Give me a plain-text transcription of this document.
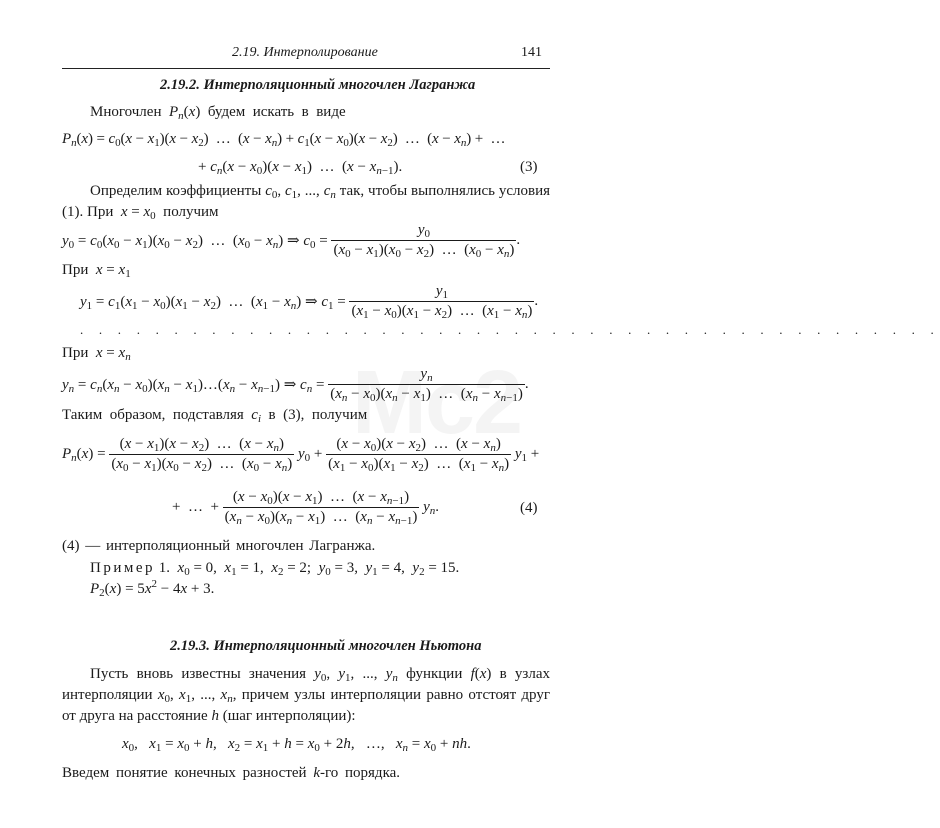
2.19. Интерполирование	141
2.19.2. Интерполяционный многочлен Лагранжа
Многочлен  $P_n(x)$  будем  искать  в  виде
$P_n(x) = c_0(x - x_1)(x - x_2)$  …  $(x - x_n) + c_1(x - x_0)(x - x_2)$  …  $(x - x_n)$ +  …
+ $c_n(x - x_0)(x - x_1)$  …  $(x - x_{n-1})$.	(3)
Определим коэффициенты $c_0$, $c_1$, ..., $c_n$ так, чтобы выполнялись условия (1). При  $x = x_0$  получим
$y_0 = c_0(x_0 - x_1)(x_0 - x_2)$  …  $(x_0 - x_n)$ ⇒ $c_0 = \frac{y_0}{(x_0 - x_1)(x_0 - x_2) \dots (x_0 - x_n)}$ .
При  $x = x_1$
$y_1 = c_1(x_1 - x_0)(x_1 - x_2)$  …  $(x_1 - x_n)$ ⇒ $c_1 = \frac{y_1}{(x_1 - x_0)(x_1 - x_2) \dots (x_1 - x_n)}$ .
. . . . . . . . . . . . . . . . . . . . . . . . . . . . . . . . . . . . . . . . . . . . . .
При  $x = x_n$
$y_n = c_n(x_n - x_0)(x_n$ − $x_1)\dots(x_n - x_{n-1})$ ⇒ $c_n = \frac{y_n}{(x_n - x_0)(x_n - x_1) \dots (x_n - x_{n-1})}$ .
Таким  образом,  подставляя  $c_i$  в  (3),  получим
$P_n(x) = \frac{(x - x_1)(x - x_2) \dots (x - x_n)}{(x_0 - x_1)(x_0 - x_2) \dots (x_0 - x_n)} y_0 + \frac{(x - x_0)(x - x_2) \dots (x - x_n)}{(x_1 - x_0)(x_1 - x_2) \dots (x_1 - x_n)} y_1$ +
+  …  + $\frac{(x - x_0)(x - x_1) \dots (x - x_{n-1})}{(x_n - x_0)(x_n - x_1) \dots (x_n - x_{n-1})} y_n$.	(4)
(4) — интерполяционный многочлен Лагранжа.
Пример 1.  $x_0 = 0$,  $x_1 = 1$,  $x_2 = 2$;  $y_0 = 3$,  $y_1 = 4$,  $y_2 = 15$.
$P_2(x) = 5x^2 - 4x + 3$.
2.19.3. Интерполяционный многочлен Ньютона
Пусть вновь известны значения $y_0$, $y_1$, ..., $y_n$ функции f(x) в узлах интерполяции $x_0$, $x_1$, ..., $x_n$, причем узлы интерполяции равно отстоят друг от друга на расстояние h (шаг интерполяции):
$x_0$,   $x_1 = x_0 + h$,   $x_2 = x_1 + h = x_0 + 2h$,   …,   $x_n = x_0$ + nh.
Введем понятие конечных разностей k-го порядка.
